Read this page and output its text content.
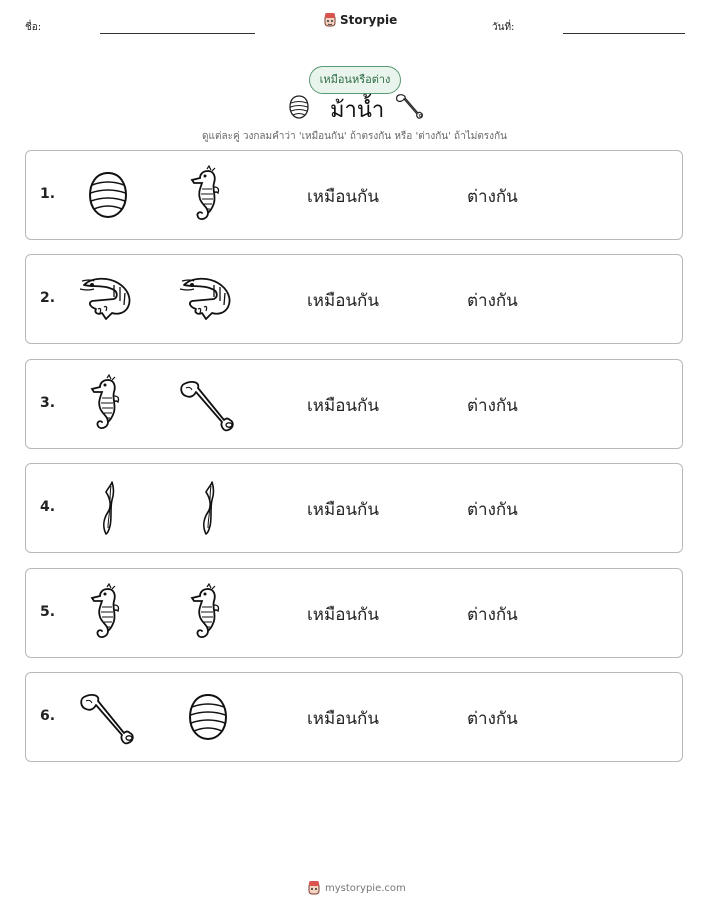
ชื่อ:
Storypie
วันที่:
เหมือนหรือต่าง
ม้าน้ำ
ดูแต่ละคู่ วงกลมคำว่า 'เหมือนกัน' ถ้าตรงกัน หรือ 'ต่างกัน' ถ้าไม่ตรงกัน
1.	เหมือนกัน	ต่างกัน
2.	เหมือนกัน	ต่างกัน
3.	เหมือนกัน	ต่างกัน
4.	เหมือนกัน	ต่างกัน
5.	เหมือนกัน	ต่างกัน
6.	เหมือนกัน	ต่างกัน
mystorypie.com
